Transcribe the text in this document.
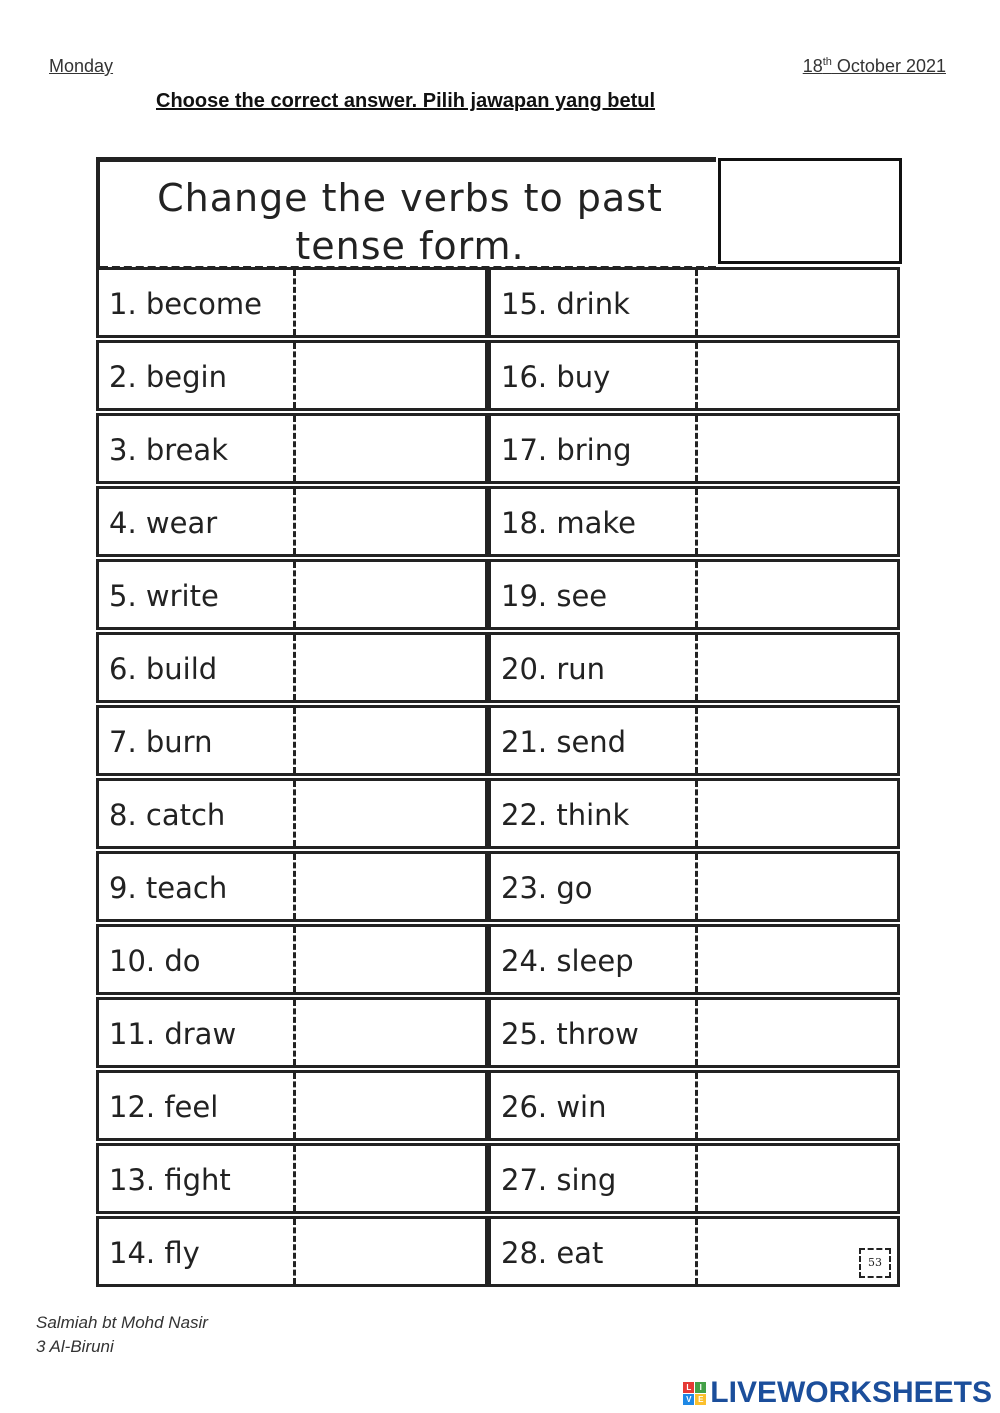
Monday	18th October 2021
Choose the correct answer. Pilih jawapan yang betul
Change the verbs to past
tense form.
1. become	15. drink
2. begin	16. buy
3. break	17. bring
4. wear	18. make
5. write	19. see
6. build	20. run
7. burn	21. send
8. catch	22. think
9. teach	23. go
10. do	24. sleep
11. draw	25. throw
12. feel	26. win
13. fight	27. sing
14. fly	28. eat	53
Salmiah bt Mohd Nasir
3 Al-Biruni
L	I
V E LIVEWORKSHEETS
